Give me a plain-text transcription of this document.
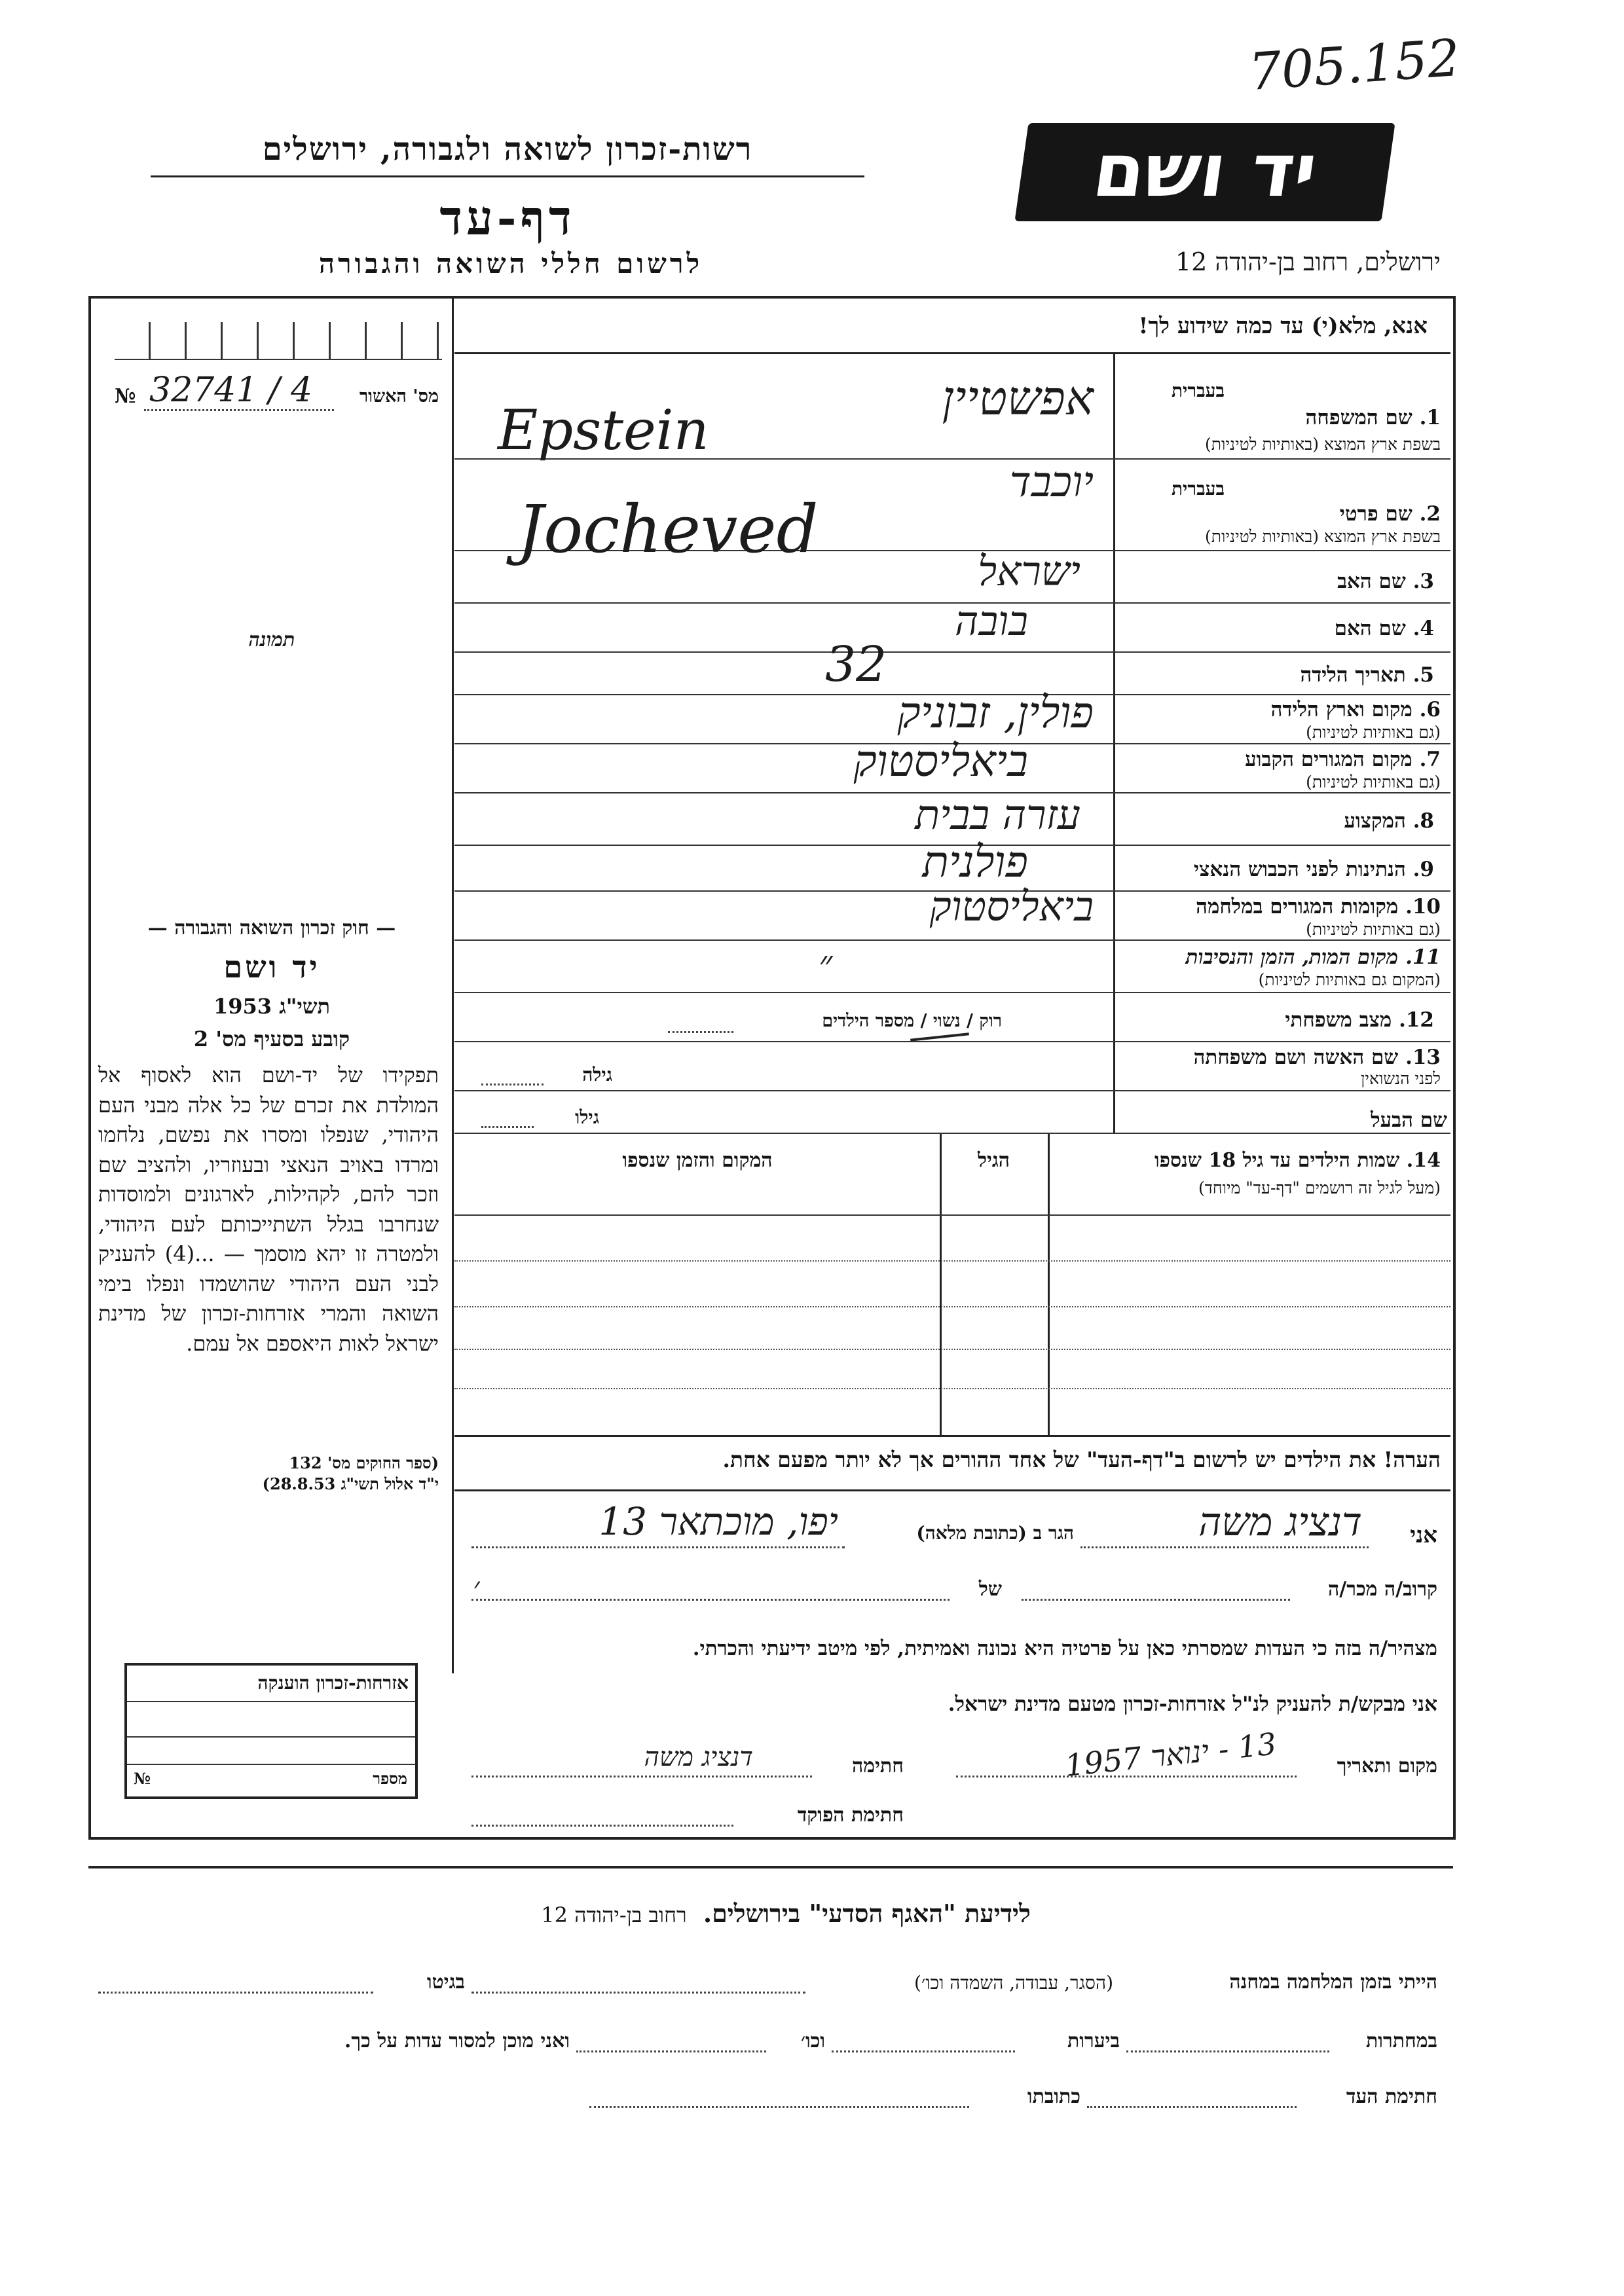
705.152
רשות-זכרון לשואה ולגבורה, ירושלים
דף-עד
לרשום חללי השואה והגבורה
יד ושם
ירושלים, רחוב בן-יהודה 12
אנא, מלא(י) עד כמה שידוע לך!
מס' האשור
№ 32741 / 4
תמונה
בעברית
1. שם המשפחה
בשפת ארץ המוצא (באותיות לטיניות)
אפשטיין
Epstein
בעברית
2. שם פרטי
בשפת ארץ המוצא (באותיות לטיניות)
יוכבד
Jocheved
3. שם האב
ישראל
4. שם האם
בובה
5. תאריך הלידה
32
6. מקום וארץ הלידה
(גם באותיות לטיניות)
פולין, זבוניק
7. מקום המגורים הקבוע
(גם באותיות לטיניות)
ביאליסטוק
8. המקצוע
עזרה בבית
9. הנתינות לפני הכבוש הנאצי
פולנית
10. מקומות המגורים במלחמה
(גם באותיות לטיניות)
ביאליסטוק
11. מקום המות, הזמן והנסיבות
(המקום גם באותיות לטיניות)
״
12. מצב משפחתי
רוק / נשוי / מספר הילדים
13. שם האשה ושם משפחתה
לפני הנשואין
גילה
שם הבעל
גילו
14. שמות הילדים עד גיל 18 שנספו
(מעל לגיל זה רושמים "דף-עד" מיוחד)
הגיל
המקום והזמן שנספו
— חוק זכרון השואה והגבורה —
יד ושם
תשי"ג 1953
קובע בסעיף מס' 2
תפקידו של יד-ושם הוא לאסוף אל המולדת את זכרם של כל אלה מבני העם היהודי, שנפלו ומסרו את נפשם, נלחמו ומרדו באויב הנאצי ובעוזריו, ולהציב שם וזכר להם, לקהילות, לארגונים ולמוסדות שנחרבו בגלל השתייכותם לעם היהודי, ולמטרה זו יהא מוסמך — ...(4) להעניק לבני העם היהודי שהושמדו ונפלו בימי השואה והמרי אזרחות-זכרון של מדינת ישראל לאות היאספם אל עמם.
(ספר החוקים מס' 132
י"ד אלול תשי"ג 28.8.53)
הערה! את הילדים יש לרשום ב"דף-העד" של אחד ההורים אך לא יותר מפעם אחת.
אני
דנציג משה
הגר ב (כתובת מלאה)
יפו, מוכתאר 13
קרוב/ה מכר/ה
של
׳
מצהיר/ה בזה כי העדות שמסרתי כאן על פרטיה היא נכונה ואמיתית, לפי מיטב ידיעתי והכרתי.
אני מבקש/ת להעניק לנ"ל אזרחות-זכרון מטעם מדינת ישראל.
מקום ותאריך
13 - ינואר 1957
חתימה
דנציג משה
חתימת הפוקד
אזרחות-זכרון הוענקה
מספר
№
לידיעת "האגף הסדעי" בירושלים. רחוב בן-יהודה 12
הייתי בזמן המלחמה במחנה
(הסגר, עבודה, השמדה וכו׳)
בגיטו
במחתרות
ביערות
וכו׳
ואני מוכן למסור עדות על כך.
חתימת העד
כתובתו
